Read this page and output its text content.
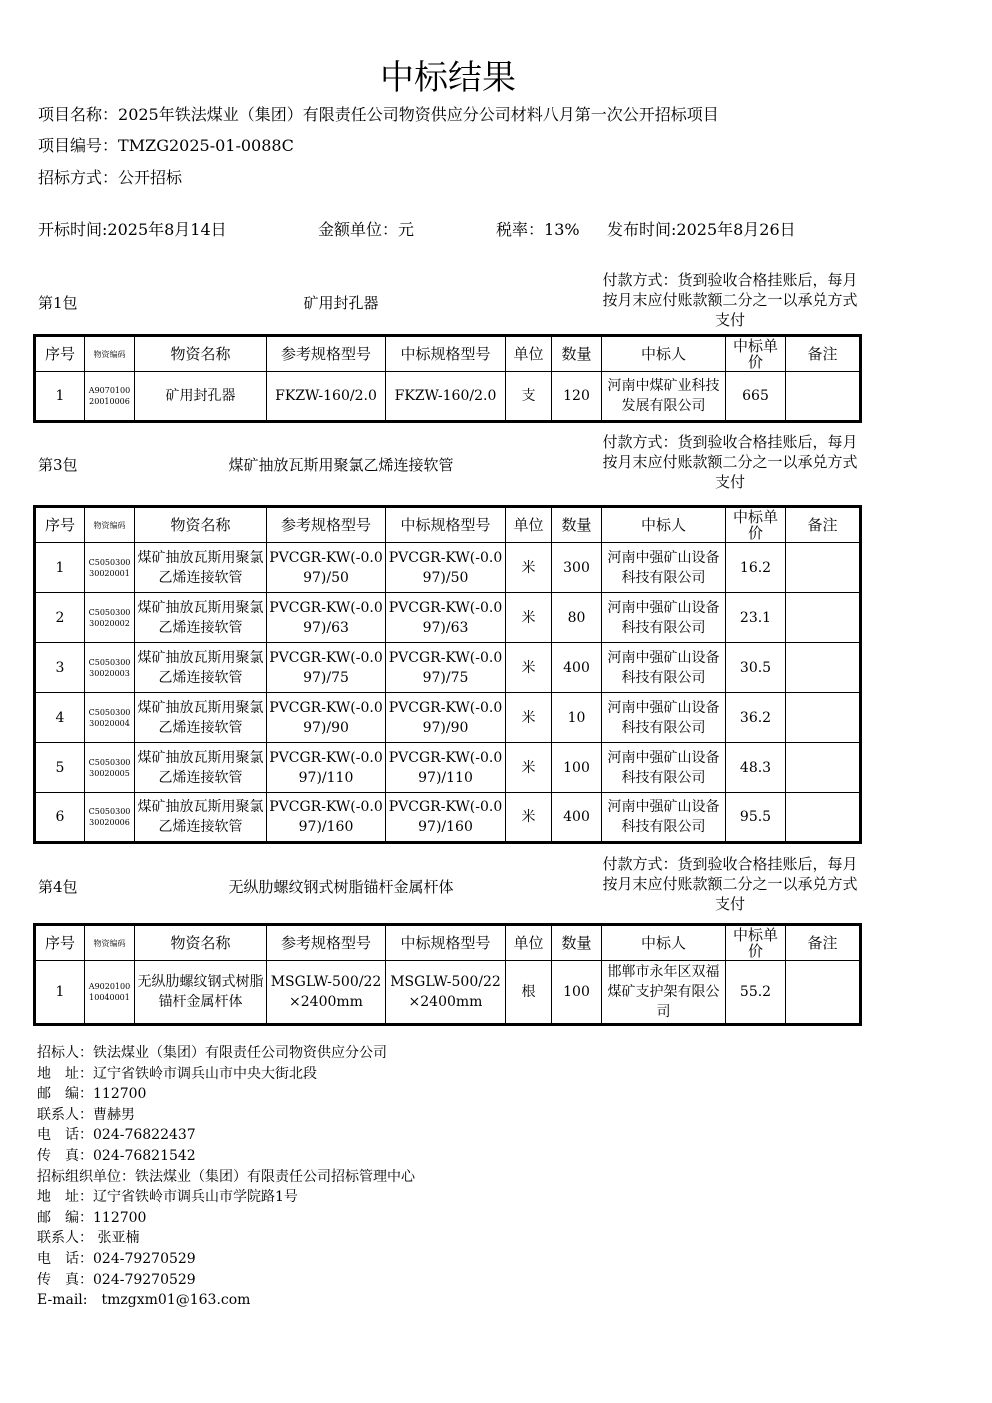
中标结果
项目名称：2025年铁法煤业（集团）有限责任公司物资供应分公司材料八月第一次公开招标项目
项目编号：TMZG2025-01-0088C
招标方式：公开招标
开标时间:2025年8月14日	金额单位：元	税率：13% 发布时间:2025年8月26日
第1包	矿用封孔器
付款方式：货到验收合格挂账后，每月按月末应付账款额二分之一以承兑方式支付
序号	物资编码	物资名称	参考规格型号	中标规格型号	单位	数量	中标人	中标单价	备注
1	A907010020010006	矿用封孔器	FKZW-160/2.0	FKZW-160/2.0	支	120	河南中煤矿业科技发展有限公司	665	
第3包	煤矿抽放瓦斯用聚氯乙烯连接软管
付款方式：货到验收合格挂账后，每月按月末应付账款额二分之一以承兑方式支付
序号	物资编码	物资名称	参考规格型号	中标规格型号	单位	数量	中标人	中标单价	备注
1	C505030030020001	煤矿抽放瓦斯用聚氯乙烯连接软管	PVCGR-KW(-0.097)/50	PVCGR-KW(-0.097)/50	米	300	河南中强矿山设备科技有限公司	16.2	
2	C505030030020002	煤矿抽放瓦斯用聚氯乙烯连接软管	PVCGR-KW(-0.097)/63	PVCGR-KW(-0.097)/63	米	80	河南中强矿山设备科技有限公司	23.1	
3	C505030030020003	煤矿抽放瓦斯用聚氯乙烯连接软管	PVCGR-KW(-0.097)/75	PVCGR-KW(-0.097)/75	米	400	河南中强矿山设备科技有限公司	30.5	
4	C505030030020004	煤矿抽放瓦斯用聚氯乙烯连接软管	PVCGR-KW(-0.097)/90	PVCGR-KW(-0.097)/90	米	10	河南中强矿山设备科技有限公司	36.2	
5	C505030030020005	煤矿抽放瓦斯用聚氯乙烯连接软管	PVCGR-KW(-0.097)/110	PVCGR-KW(-0.097)/110	米	100	河南中强矿山设备科技有限公司	48.3	
6	C505030030020006	煤矿抽放瓦斯用聚氯乙烯连接软管	PVCGR-KW(-0.097)/160	PVCGR-KW(-0.097)/160	米	400	河南中强矿山设备科技有限公司	95.5	
第4包	无纵肋螺纹钢式树脂锚杆金属杆体
付款方式：货到验收合格挂账后，每月按月末应付账款额二分之一以承兑方式支付
序号	物资编码	物资名称	参考规格型号	中标规格型号	单位	数量	中标人	中标单价	备注
1	A902010010040001	无纵肋螺纹钢式树脂锚杆金属杆体	MSGLW-500/22×2400mm	MSGLW-500/22×2400mm	根	100	邯郸市永年区双福煤矿支护架有限公司	55.2	
招标人：铁法煤业（集团）有限责任公司物资供应分公司
地　址：辽宁省铁岭市调兵山市中央大街北段
邮　编：112700
联系人：曹赫男
电　话：024-76822437
传　真：024-76821542
招标组织单位：铁法煤业（集团）有限责任公司招标管理中心
地　址：辽宁省铁岭市调兵山市学院路1号
邮　编：112700
联系人： 张亚楠
电　话：024-79270529
传　真：024-79270529
E-mail:　tmzgxm01@163.com
